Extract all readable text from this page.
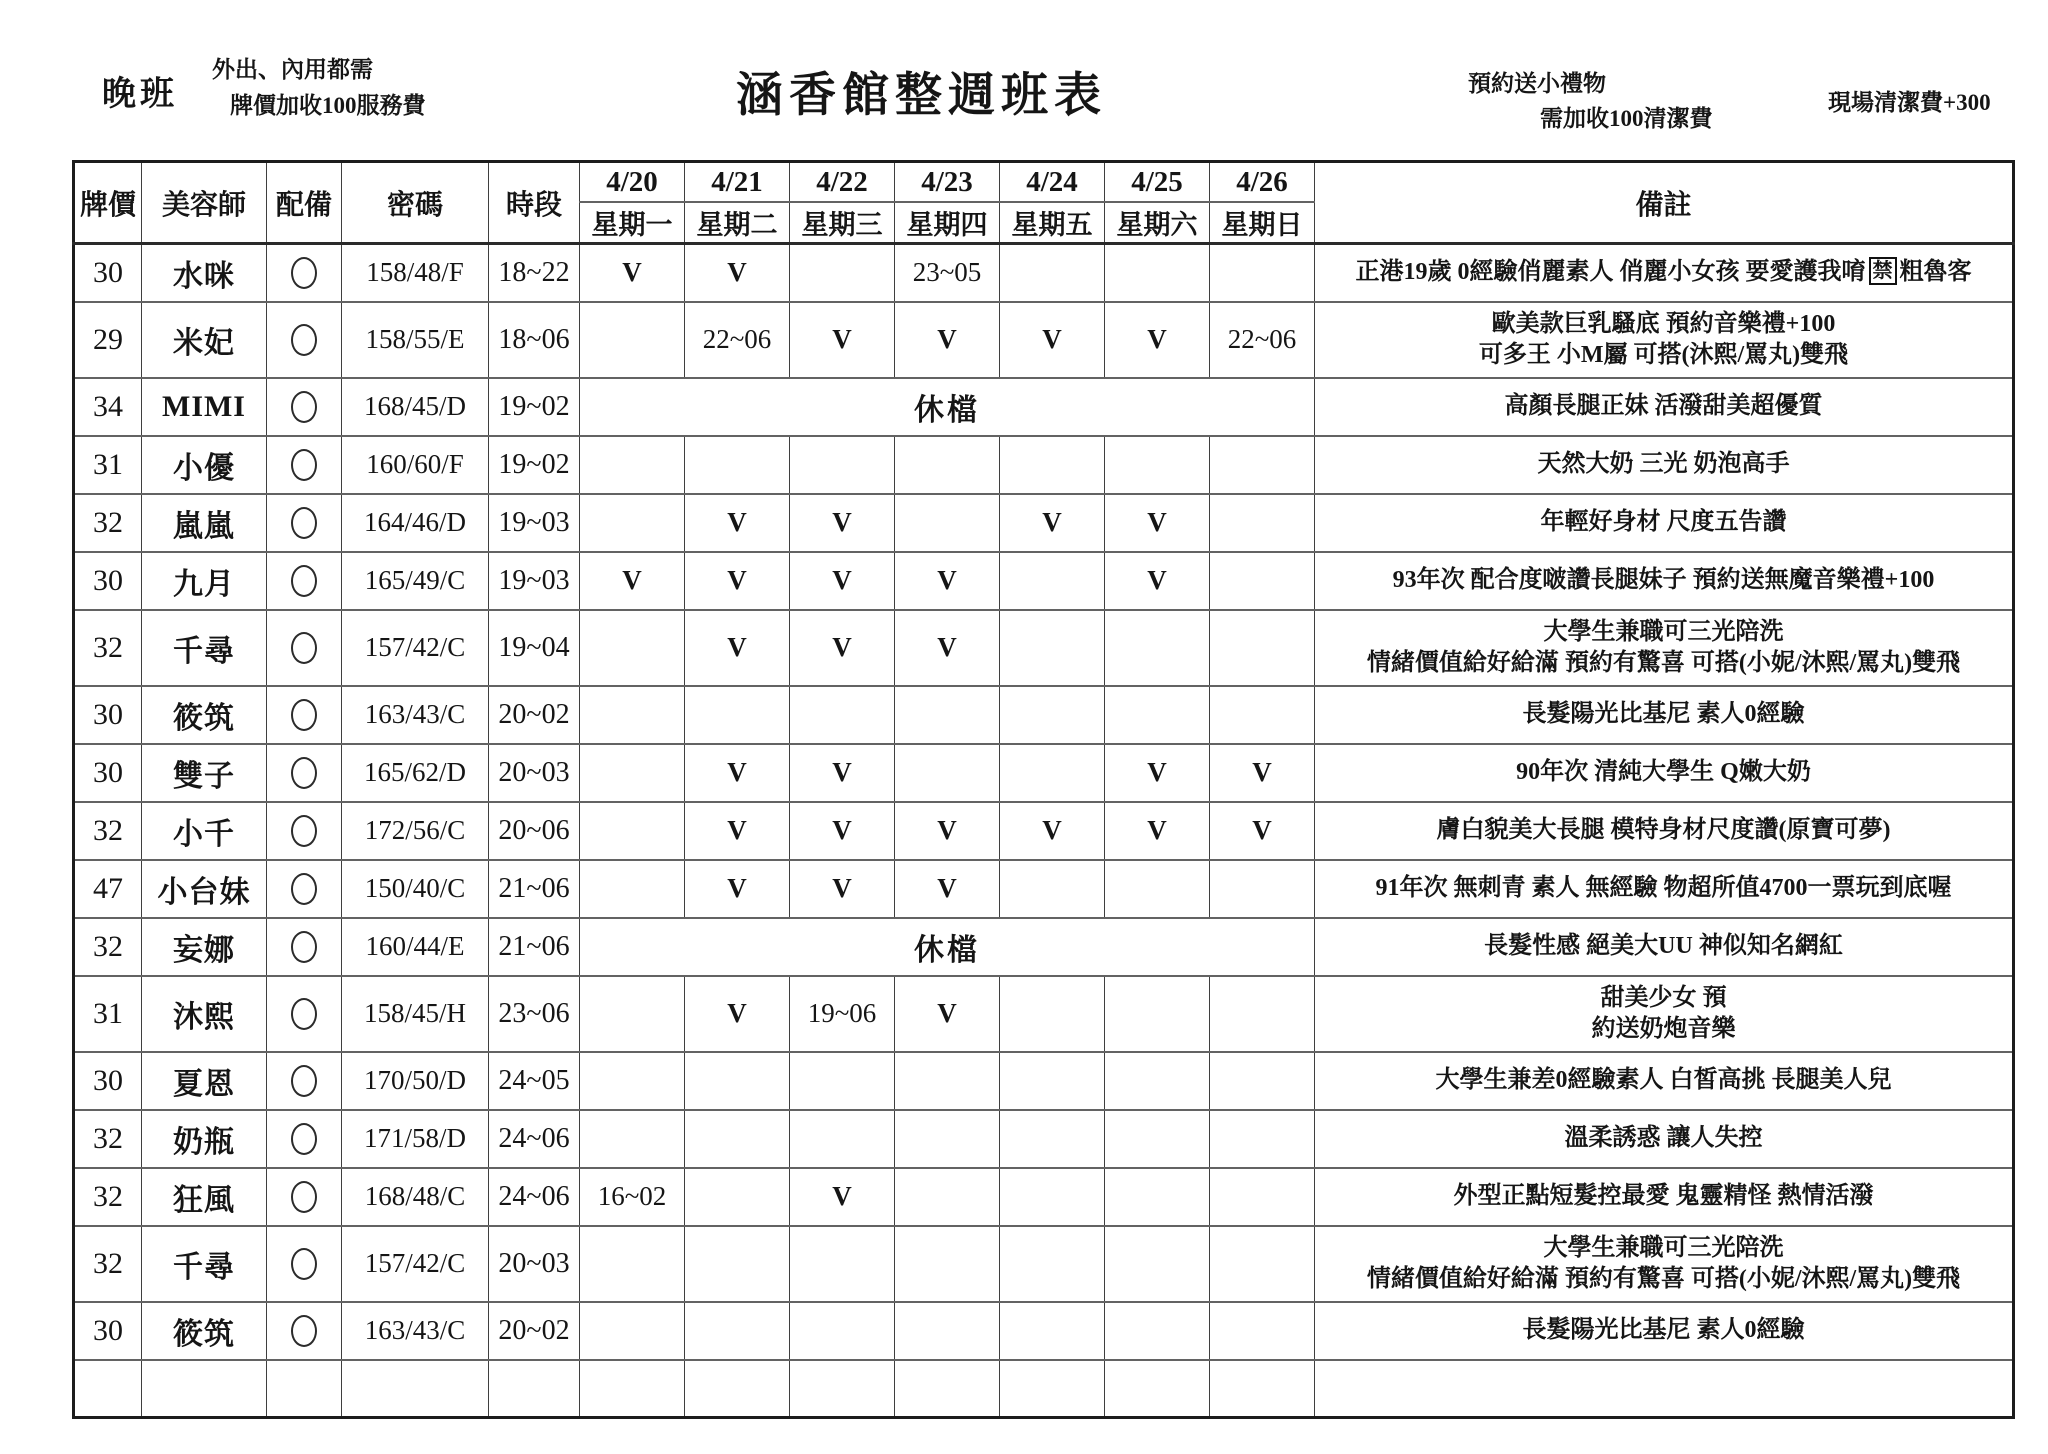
晚班
外出、內用都需
牌價加收100服務費	涵香館整週班表	預約送小禮物
需加收100清潔費
現場清潔費+300
牌價	美容師	配備	密碼	時段	4/20	4/21	4/22	4/23	4/24	4/25	4/26	備註
					星期一	星期二	星期三	星期四	星期五	星期六	星期日	
30	水咪		158/48/F	18~22	V	V		23~05				正港19歲 0經驗俏麗素人 俏麗小女孩 要愛護我唷 禁 粗魯客

29	米妃		158/55/E	18~06		22~06	V	V	V	V	22~06	歐美款巨乳騷底 預約音樂禮+100
可多王 小M屬 可搭(沐熙/罵丸)雙飛

34	MIMI		168/45/D	19~02	休檔							高顏長腿正妹 活潑甜美超優質

31	小優		160/60/F	19~02								天然大奶 三光 奶泡高手

32	嵐嵐		164/46/D	19~03		V	V		V	V		年輕好身材 尺度五告讚

30	九月		165/49/C	19~03	V	V	V	V		V		93年次 配合度啵讚長腿妹子 預約送無魔音樂禮+100

32	千尋		157/42/C	19~04		V	V	V				大學生兼職可三光陪洗
情緒價值給好給滿 預約有驚喜 可搭(小妮/沐熙/罵丸)雙飛

30	筱筑		163/43/C	20~02								長髮陽光比基尼 素人0經驗

30	雙子		165/62/D	20~03		V	V			V	V	90年次 清純大學生 Q嫩大奶

32	小千		172/56/C	20~06		V	V	V	V	V	V	膚白貌美大長腿 模特身材尺度讚(原寶可夢)

47	小台妹		150/40/C	21~06		V	V	V				91年次 無刺青 素人 無經驗 物超所值4700一票玩到底喔

32	妄娜		160/44/E	21~06	休檔							長髮性感 絕美大UU 神似知名網紅

31	沐熙		158/45/H	23~06		V	19~06	V				甜美少女 預
約送奶炮音樂

30	夏恩		170/50/D	24~05								大學生兼差0經驗素人 白皙高挑 長腿美人兒

32	奶瓶		171/58/D	24~06								溫柔誘惑 讓人失控

32	狂風		168/48/C	24~06	16~02		V					外型正點短髮控最愛 鬼靈精怪 熱情活潑

32	千尋		157/42/C	20~03								大學生兼職可三光陪洗
情緒價值給好給滿 預約有驚喜 可搭(小妮/沐熙/罵丸)雙飛

30	筱筑		163/43/C	20~02								長髮陽光比基尼 素人0經驗
